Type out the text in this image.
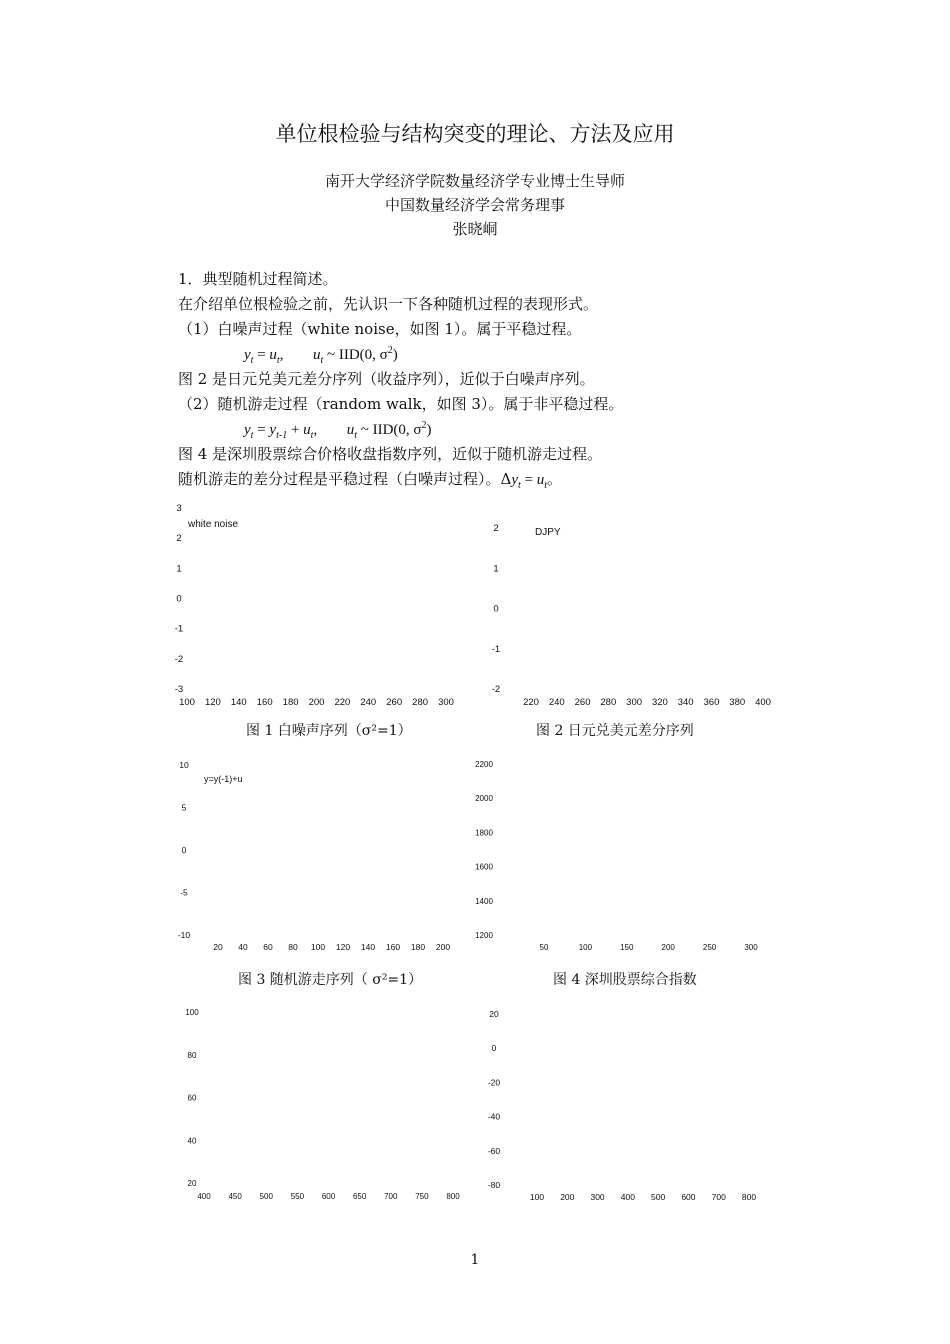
单位根检验与结构突变的理论、方法及应用
南开大学经济学院数量经济学专业博士生导师
中国数量经济学会常务理事
张晓峒
1．典型随机过程简述。
在介绍单位根检验之前，先认识一下各种随机过程的表现形式。
（1）白噪声过程（white noise，如图 1）。属于平稳过程。
$y_t = u_t$, $u_t$ ~ IID(0, $\sigma^2$)
图 2 是日元兑美元差分序列（收益序列），近似于白噪声序列。
（2）随机游走过程（random walk，如图 3）。属于非平稳过程。
$y_t = y_{t-1} + u_t$, $u_t$ ~ IID(0, $\sigma^2$)
图 4 是深圳股票综合价格收盘指数序列，近似于随机游走过程。
随机游走的差分过程是平稳过程（白噪声过程）。$\Delta y_t = u_t$。
3
2
1
0
-1
-2
-3
100 120 140 160 180 200 220 240 260 280 300
white noise	2
1
0
-1
-2
220 240 260 280 300 320 340 360 380 400
DJPY
10
5
0
-5
-10
20 40 60 80 100 120 140 160 180 200
y=y(-1)+u
2200
2000
1800
1600
1400
1200
50	100	150	200	250	300
100
80
60
40
20
400 450 500 550 600 650 700 750 800
20
0
-20
-40
-60
-80
100 200 300 400 500 600 700 800
图 1 白噪声序列（σ²=1）	图 2 日元兑美元差分序列
图 3 随机游走序列（ σ²=1）	图 4 深圳股票综合指数
1
